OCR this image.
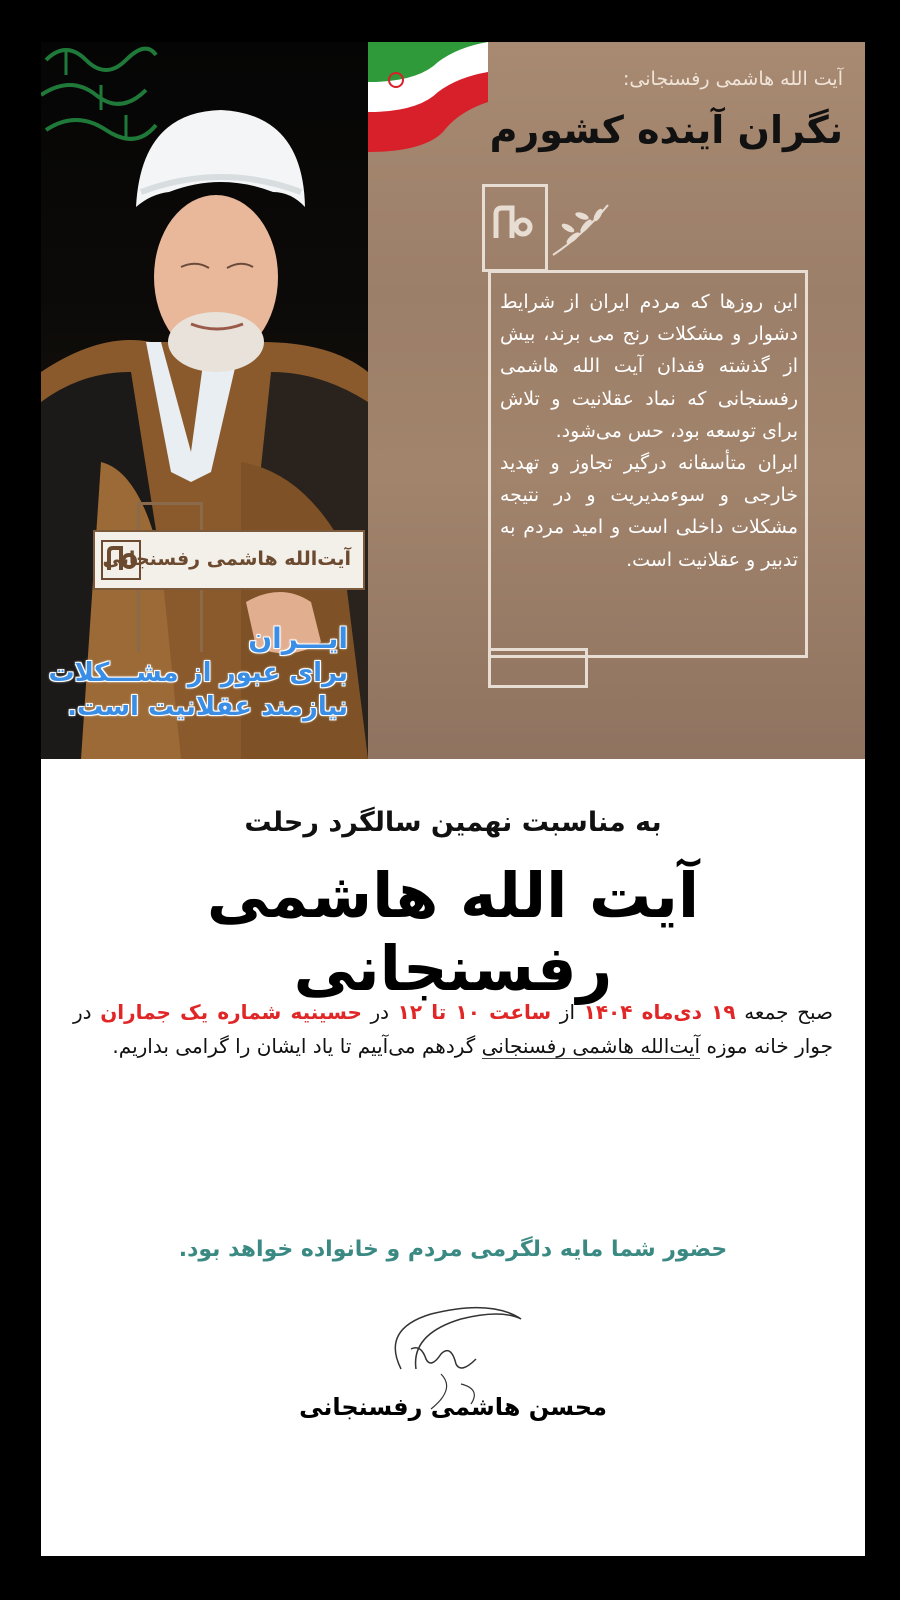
آیت‌الله هاشمی رفسنجانی
ایـــران
برای عبور از مشـــکلات
نیازمند عقلانیت است.
آیت الله هاشمی رفسنجانی:
نگران آینده کشورم
این روزها که مردم ایران از شرایط دشوار و مشکلات رنج می برند، بیش از گذشته فقدان آیت الله هاشمی رفسنجانی که نماد عقلانیت و تلاش برای توسعه بود، حس می‌شود.
ایران متأسفانه درگیر تجاوز و تهدید خارجی و سوءمدیریت و در نتیجه مشکلات داخلی است و امید مردم به تدبیر و عقلانیت است.
به مناسبت نهمین سالگرد رحلت
آیت الله هاشمی رفسنجانی
صبح جمعه ۱۹ دی‌ماه ۱۴۰۴ از ساعت ۱۰ تا ۱۲ در حسینیه شماره یک جماران در جوار خانه موزه آیت‌الله هاشمی رفسنجانی گردهم می‌آییم تا یاد ایشان را گرامی بداریم.
حضور شما مایه دلگرمی مردم و خانواده خواهد بود.
محسن هاشمی رفسنجانی
